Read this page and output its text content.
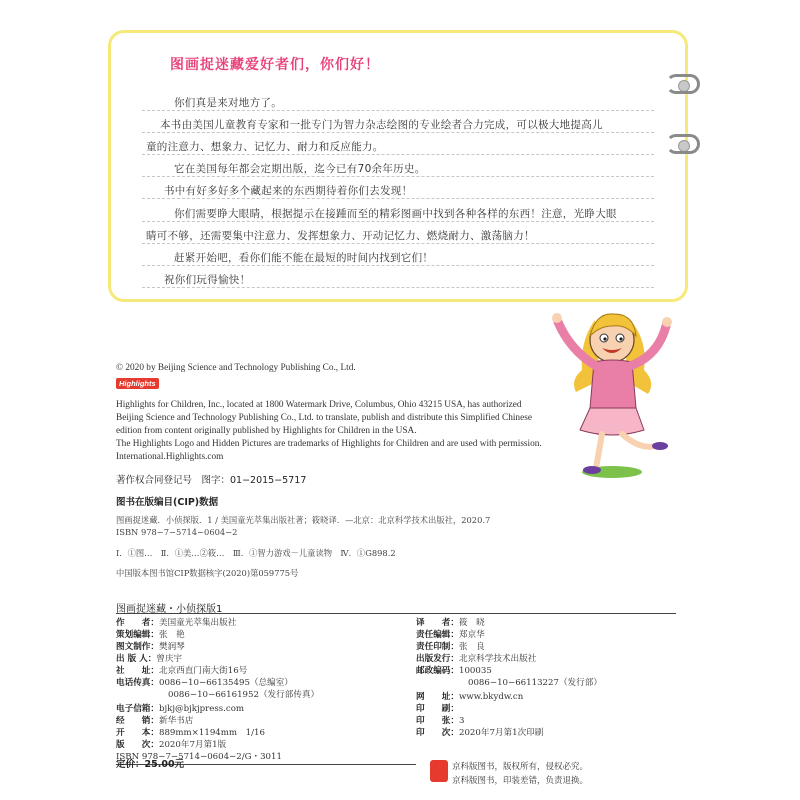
图画捉迷藏爱好者们，你们好！
你们真是来对地方了。
本书由美国儿童教育专家和一批专门为智力杂志绘图的专业绘者合力完成，可以极大地提高儿
童的注意力、想象力、记忆力、耐力和反应能力。
它在美国每年都会定期出版，迄今已有70余年历史。
书中有好多好多个藏起来的东西期待着你们去发现！
你们需要睁大眼睛，根据提示在接踵而至的精彩图画中找到各种各样的东西！注意，光睁大眼
睛可不够，还需要集中注意力、发挥想象力、开动记忆力、燃烧耐力、激荡脑力！
赶紧开始吧，看你们能不能在最短的时间内找到它们！
祝你们玩得愉快！
© 2020 by Beijing Science and Technology Publishing Co., Ltd.
Highlights
Highlights for Children, Inc., located at 1800 Watermark Drive, Columbus, Ohio 43215 USA, has authorized
Beijing Science and Technology Publishing Co., Ltd. to translate, publish and distribute this Simplified Chinese
edition from content originally published by Highlights for Children in the USA.
The Highlights Logo and Hidden Pictures are trademarks of Highlights for Children and are used with permission.
International.Highlights.com
著作权合同登记号　图字：01−2015−5717
图书在版编目(CIP)数据
图画捉迷藏．小侦探版．1 / 美国童光萃集出版社著；筱晓译．—北京：北京科学技术出版社，2020.7
ISBN 978−7−5714−0604−2
Ⅰ．①图…　Ⅱ．①美…②筱…　Ⅲ．①智力游戏－儿童读物　Ⅳ．①G898.2
中国版本图书馆CIP数据核字(2020)第059775号
图画捉迷藏・小侦探版1
作　　者：美国童光萃集出版社
策划编辑：张　艳
图文制作：樊润琴
出 版 人：曾庆宇
社　　址：北京西直门南大街16号
电话传真：0086−10−66135495（总编室）
0086−10−66161952（发行部传真）
电子信箱：bjkj@bjkjpress.com
经　　销：新华书店
开　　本：889mm×1194mm　1/16
版　　次：2020年7月第1版
ISBN 978−7−5714−0604−2/G・3011
译　　者：筱　晓
责任编辑：郑京华
责任印制：张　良
出版发行：北京科学技术出版社
邮政编码：100035
0086−10−66113227（发行部）
网　　址：www.bkydw.cn
印　　刷：
印　　张：3
印　　次：2020年7月第1次印刷
定价：25.00元	京科版图书，版权所有，侵权必究。
京科版图书，印装差错，负责退换。
